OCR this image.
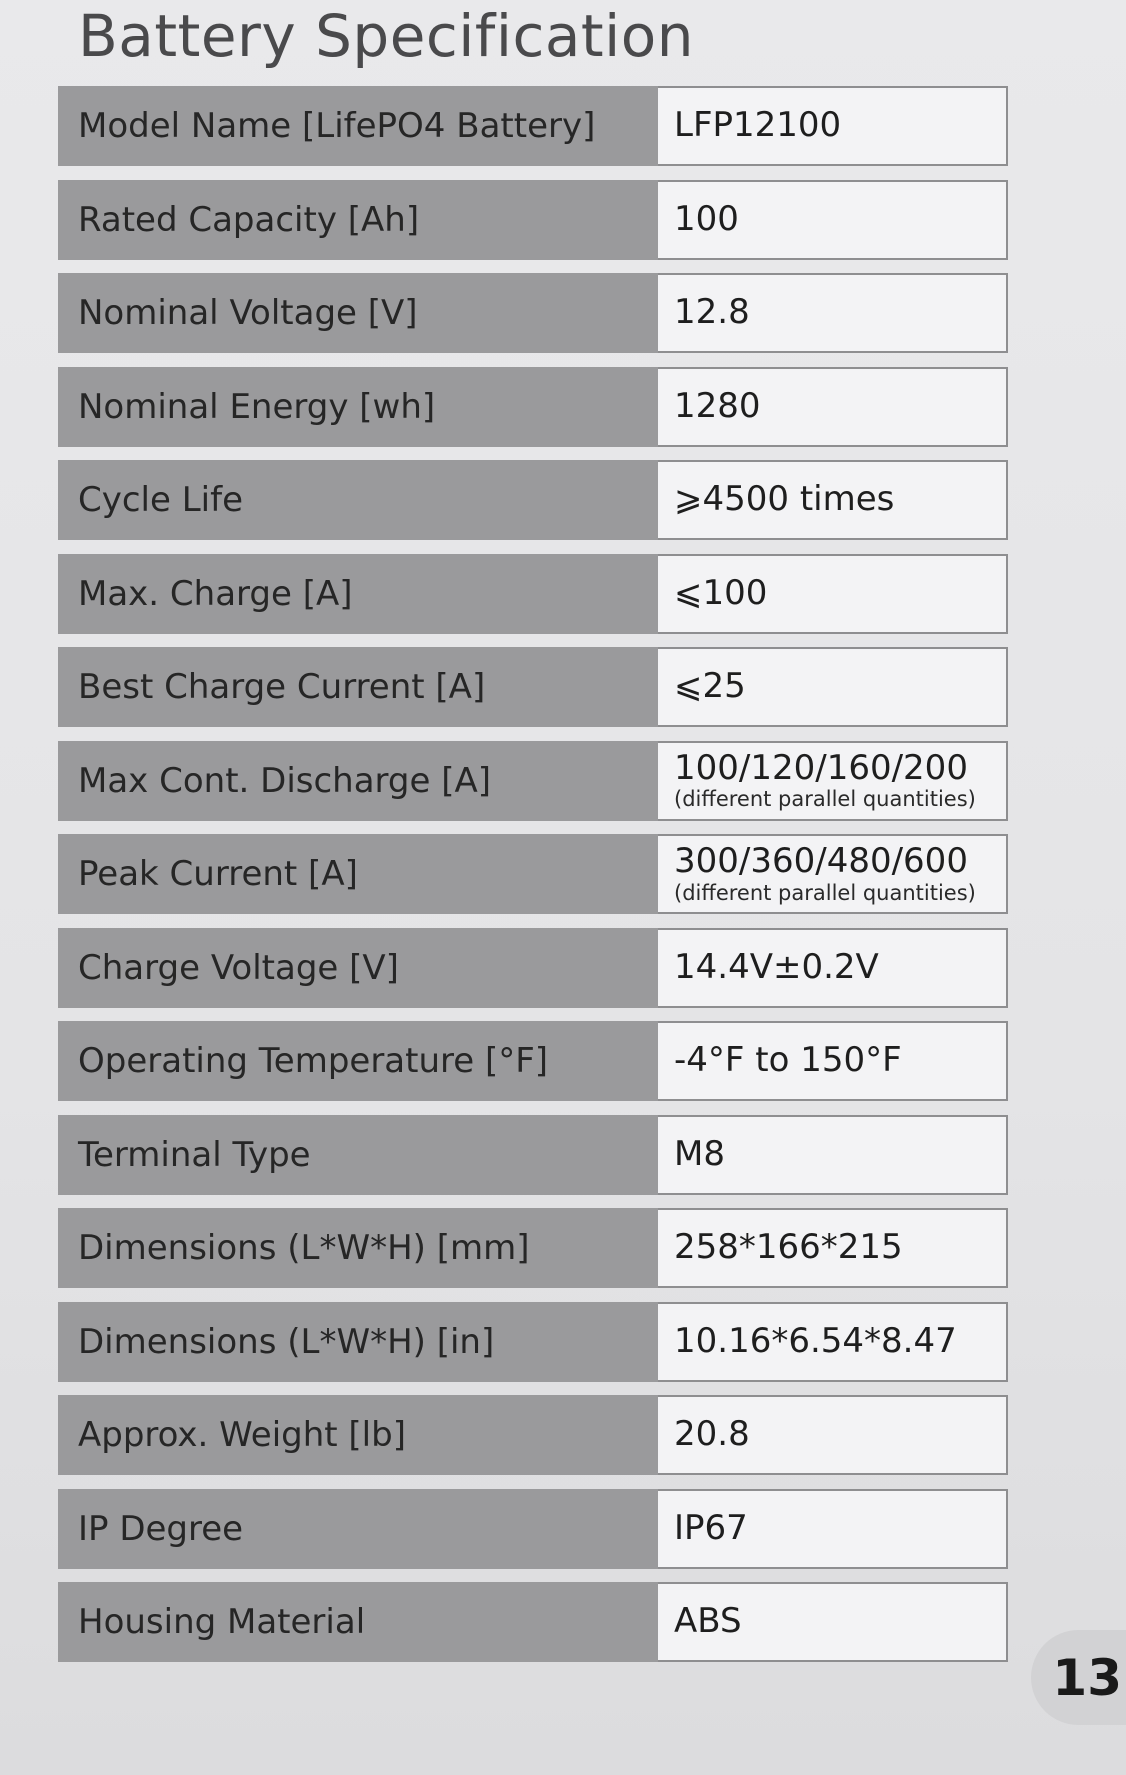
Battery Specification
Model Name [LifePO4 Battery]	LFP12100
Rated Capacity [Ah]	100
Nominal Voltage [V]	12.8
Nominal Energy [wh]	1280
Cycle Life	⩾4500 times
Max. Charge [A]	⩽100
Best Charge Current [A]	⩽25
Max Cont. Discharge [A]	100/120/160/200
(different parallel quantities)
Peak Current [A]	300/360/480/600
(different parallel quantities)
Charge Voltage [V]	14.4V±0.2V
Operating Temperature [°F]	-4°F to 150°F
Terminal Type	M8
Dimensions (L*W*H) [mm]	258*166*215
Dimensions (L*W*H) [in]	10.16*6.54*8.47
Approx. Weight [lb]	20.8
IP Degree	IP67
Housing Material	ABS
13
